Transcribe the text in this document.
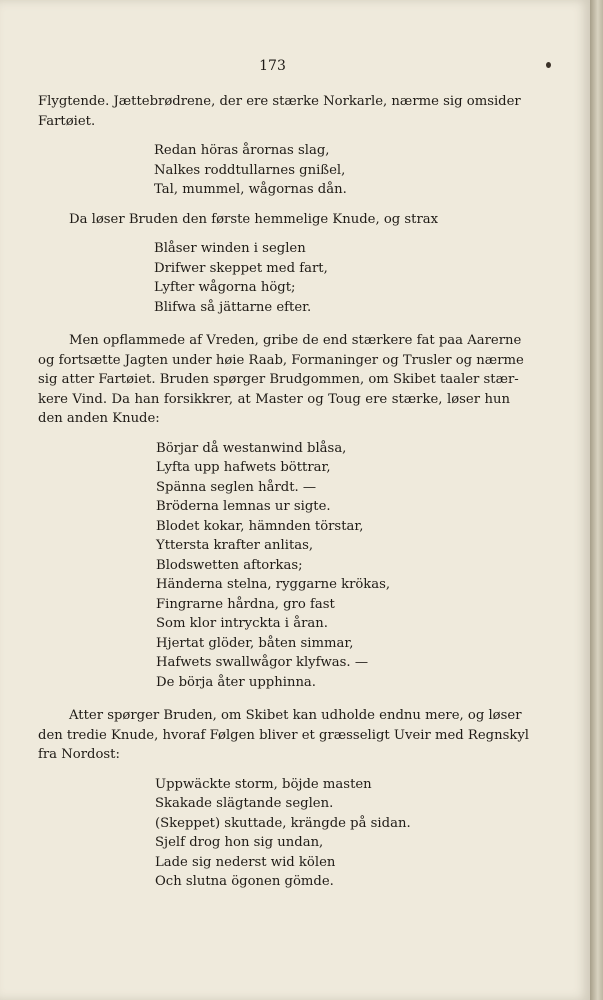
173
Flygtende. Jættebrødrene, der ere stærke Norkarle, nærme sig omsider
Fartøiet.
Redan höras årornas slag,
Nalkes roddtullarnes gnißel,
Tal, mummel, wågornas dån.
Da løser Bruden den første hemmelige Knude, og strax
Blåser winden i seglen
Drifwer skeppet med fart,
Lyfter wågorna högt;
Blifwa så jättarne efter.
Men opflammede af Vreden, gribe de end stærkere fat paa Aarerne
og fortsætte Jagten under høie Raab, Formaninger og Trusler og nærme
sig atter Fartøiet. Bruden spørger Brudgommen, om Skibet taaler stær-
kere Vind. Da han forsikkrer, at Master og Toug ere stærke, løser hun
den anden Knude:
Börjar då westanwind blåsa,
Lyfta upp hafwets böttrar,
Spänna seglen hårdt. —
Bröderna lemnas ur sigte.
Blodet kokar, hämnden törstar,
Yttersta krafter anlitas,
Blodswetten aftorkas;
Händerna stelna, ryggarne krökas,
Fingrarne hårdna, gro fast
Som klor intryckta i åran.
Hjertat glöder, båten simmar,
Hafwets swallwågor klyfwas. —
De börja åter upphinna.
Atter spørger Bruden, om Skibet kan udholde endnu mere, og løser
den tredie Knude, hvoraf Følgen bliver et græsseligt Uveir med Regnskyl
fra Nordost:
Uppwäckte storm, böjde masten
Skakade slägtande seglen.
(Skeppet) skuttade, krängde på sidan.
Sjelf drog hon sig undan,
Lade sig nederst wid kölen
Och slutna ögonen gömde.
